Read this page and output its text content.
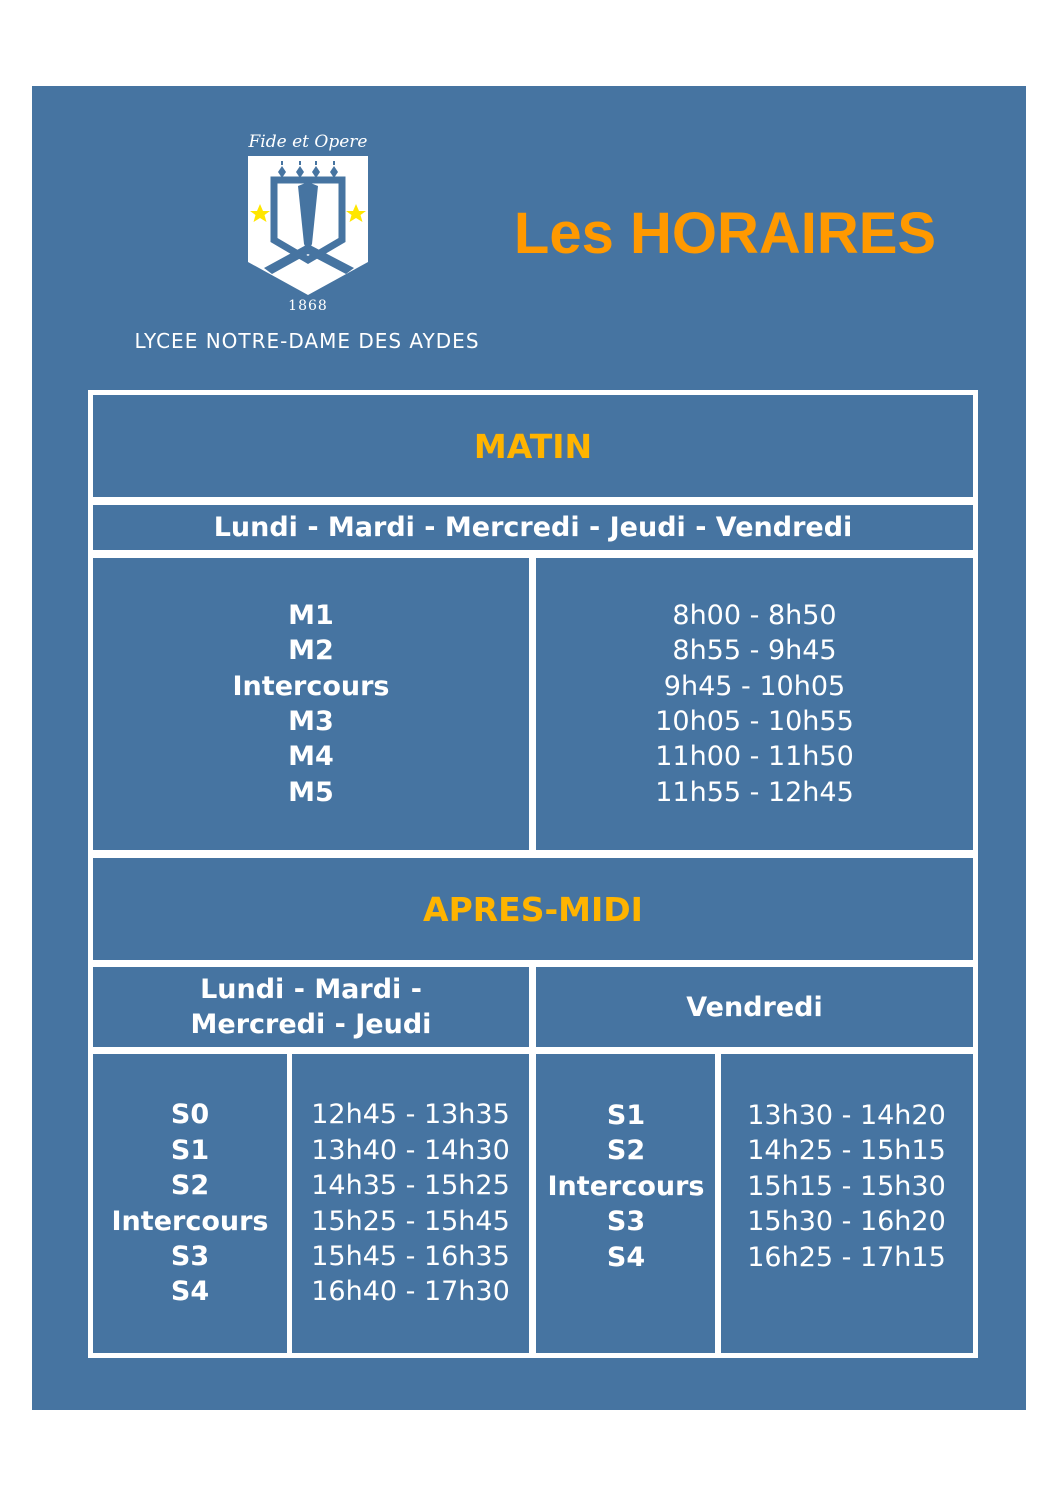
Fide et Opere
1868
LYCEE NOTRE-DAME DES AYDES
Les HORAIRES
MATIN
Lundi - Mardi - Mercredi - Jeudi - Vendredi
M1
M2
Intercours
M3
M4
M5
8h00 - 8h50
8h55 - 9h45
9h45 - 10h05
10h05 - 10h55
11h00 - 11h50
11h55 - 12h45
APRES-MIDI
Lundi - Mardi -
Mercredi - Jeudi
Vendredi
S0
S1
S2
Intercours
S3
S4
12h45 - 13h35
13h40 - 14h30
14h35 - 15h25
15h25 - 15h45
15h45 - 16h35
16h40 - 17h30
S1
S2
Intercours
S3
S4
13h30 - 14h20
14h25 - 15h15
15h15 - 15h30
15h30 - 16h20
16h25 - 17h15
